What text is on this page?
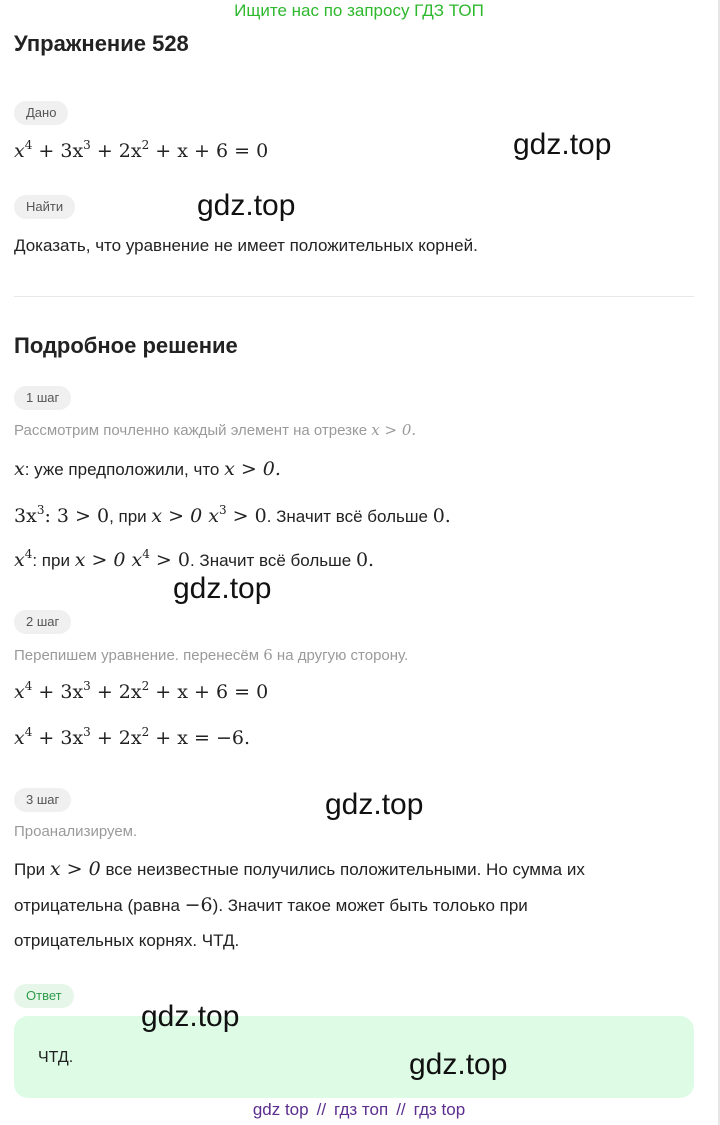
Ищите нас по запросу ГДЗ ТОП
Упражнение 528
Дано
$x^4 + 3x^3 + 2x^2 + x + 6 = 0$
Найти
Доказать, что уравнение не имеет положительных корней.
Подробное решение
1 шаг
Рассмотрим почленно каждый элемент на отрезке x > 0.
x: уже предположили, что x > 0.
$3x^3$: 3 > 0, при x > 0 $x^3 > 0$. Значит всё больше 0.
$x^4$: при x > 0 $x^4 > 0$. Значит всё больше 0.
2 шаг
Перепишем уравнение. перенесём 6 на другую сторону.
$x^4 + 3x^3 + 2x^2 + x + 6 = 0$
$x^4 + 3x^3 + 2x^2 + x = -6$.
3 шаг
Проанализируем.
При x > 0 все неизвестные получились положительными. Но сумма их
отрицательна (равна −6). Значит такое может быть толоько при
отрицательных корнях. ЧТД.
Ответ
ЧТД.
gdz.top
gdz.top
gdz.top
gdz.top
gdz.top
gdz.top
gdz top // гдз топ // гдз top
